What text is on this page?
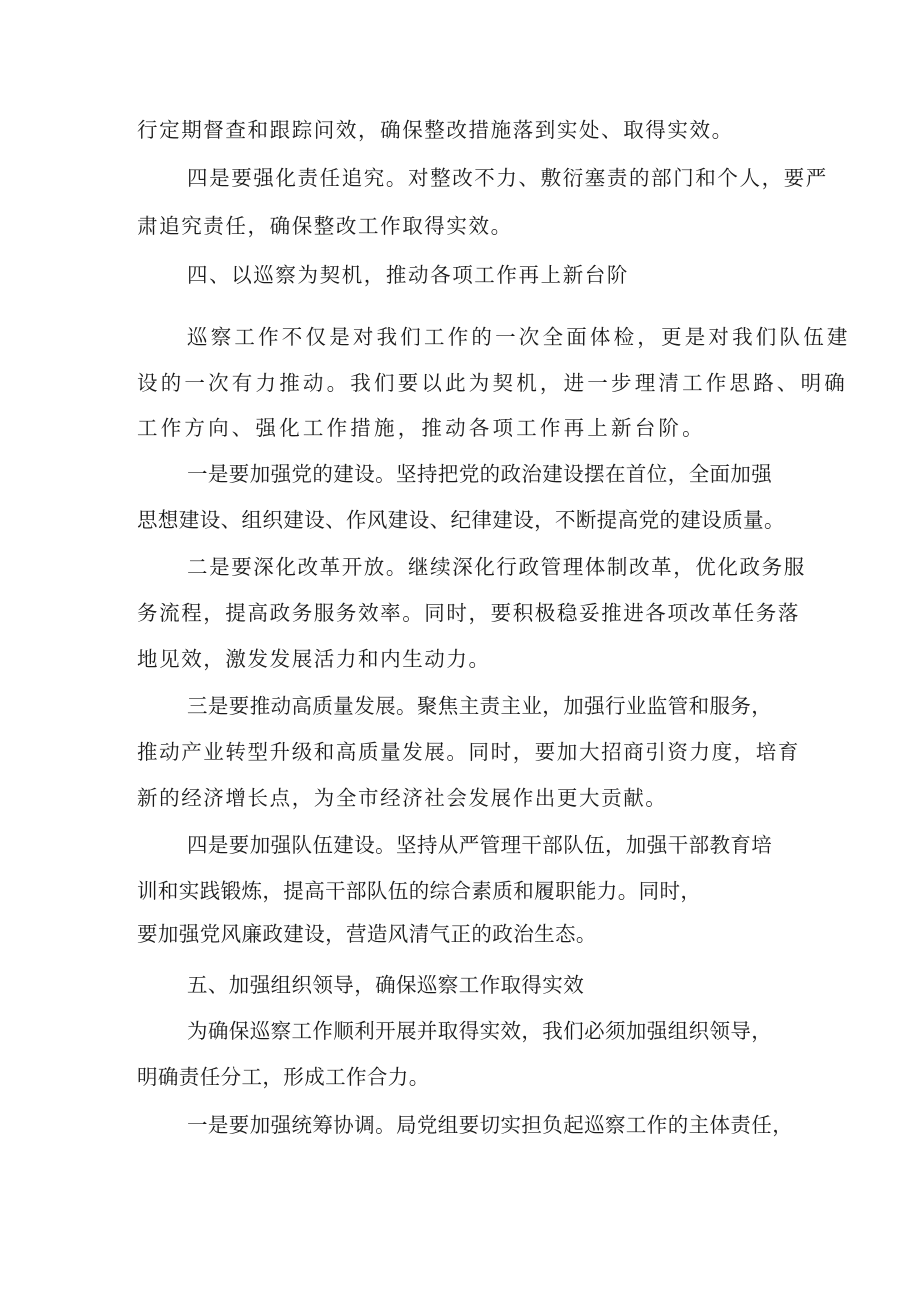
行定期督查和跟踪问效，确保整改措施落到实处、取得实效。
四是要强化责任追究。对整改不力、敷衍塞责的部门和个人，要严
肃追究责任，确保整改工作取得实效。
四、以巡察为契机，推动各项工作再上新台阶
巡察工作不仅是对我们工作的一次全面体检，更是对我们队伍建
设的一次有力推动。我们要以此为契机，进一步理清工作思路、明确
工作方向、强化工作措施，推动各项工作再上新台阶。
一是要加强党的建设。坚持把党的政治建设摆在首位，全面加强
思想建设、组织建设、作风建设、纪律建设，不断提高党的建设质量。
二是要深化改革开放。继续深化行政管理体制改革，优化政务服
务流程，提高政务服务效率。同时，要积极稳妥推进各项改革任务落
地见效，激发发展活力和内生动力。
三是要推动高质量发展。聚焦主责主业，加强行业监管和服务，
推动产业转型升级和高质量发展。同时，要加大招商引资力度，培育
新的经济增长点，为全市经济社会发展作出更大贡献。
四是要加强队伍建设。坚持从严管理干部队伍，加强干部教育培
训和实践锻炼，提高干部队伍的综合素质和履职能力。同时，
要加强党风廉政建设，营造风清气正的政治生态。
五、加强组织领导，确保巡察工作取得实效
为确保巡察工作顺利开展并取得实效，我们必须加强组织领导，
明确责任分工，形成工作合力。
一是要加强统筹协调。局党组要切实担负起巡察工作的主体责任，
